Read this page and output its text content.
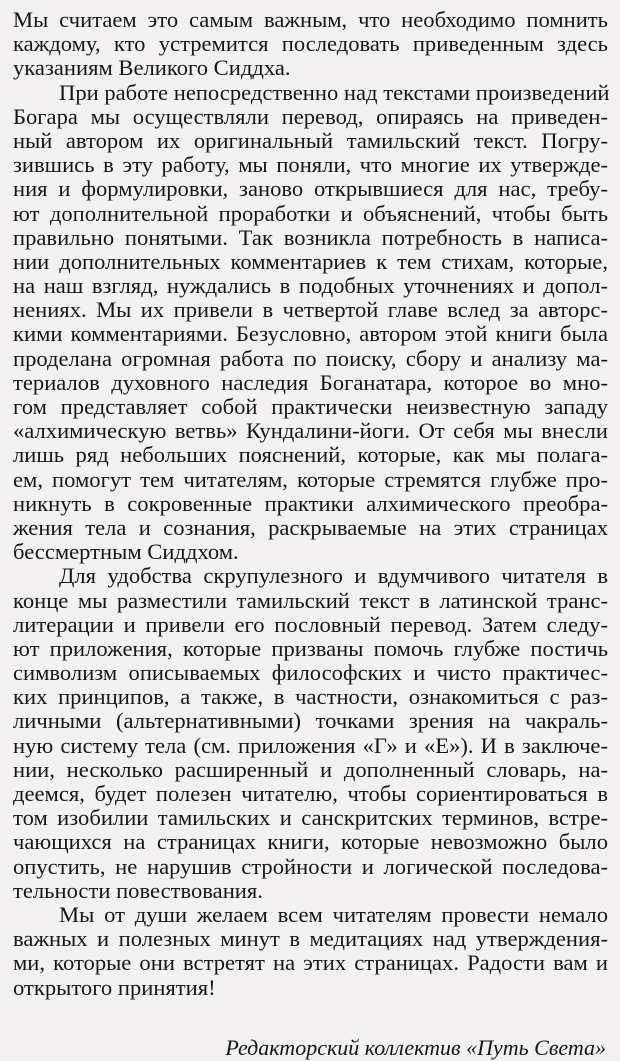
Мы считаем это самым важным, что необходимо помнить
каждому, кто устремится последовать приведенным здесь
указаниям Великого Сиддха.
При работе непосредственно над текстами произведений
Богара мы осуществляли перевод, опираясь на приведен-
ный автором их оригинальный тамильский текст. Погру-
зившись в эту работу, мы поняли, что многие их утвержде-
ния и формулировки, заново открывшиеся для нас, требу-
ют дополнительной проработки и объяснений, чтобы быть
правильно понятыми. Так возникла потребность в написа-
нии дополнительных комментариев к тем стихам, которые,
на наш взгляд, нуждались в подобных уточнениях и допол-
нениях. Мы их привели в четвертой главе вслед за авторс-
кими комментариями. Безусловно, автором этой книги была
проделана огромная работа по поиску, сбору и анализу ма-
териалов духовного наследия Боганатара, которое во мно-
гом представляет собой практически неизвестную западу
«алхимическую ветвь» Кундалини-йоги. От себя мы внесли
лишь ряд небольших пояснений, которые, как мы полага-
ем, помогут тем читателям, которые стремятся глубже про-
никнуть в сокровенные практики алхимического преобра-
жения тела и сознания, раскрываемые на этих страницах
бессмертным Сиддхом.
Для удобства скрупулезного и вдумчивого читателя в
конце мы разместили тамильский текст в латинской транс-
литерации и привели его пословный перевод. Затем следу-
ют приложения, которые призваны помочь глубже постичь
символизм описываемых философских и чисто практичес-
ких принципов, а также, в частности, ознакомиться с раз-
личными (альтернативными) точками зрения на чакраль-
ную систему тела (см. приложения «Г» и «Е»). И в заключе-
нии, несколько расширенный и дополненный словарь, на-
деемся, будет полезен читателю, чтобы сориентироваться в
том изобилии тамильских и санскритских терминов, встре-
чающихся на страницах книги, которые невозможно было
опустить, не нарушив стройности и логической последова-
тельности повествования.
Мы от души желаем всем читателям провести немало
важных и полезных минут в медитациях над утверждения-
ми, которые они встретят на этих страницах. Радости вам и
открытого принятия!
Редакторский коллектив «Путь Света»
